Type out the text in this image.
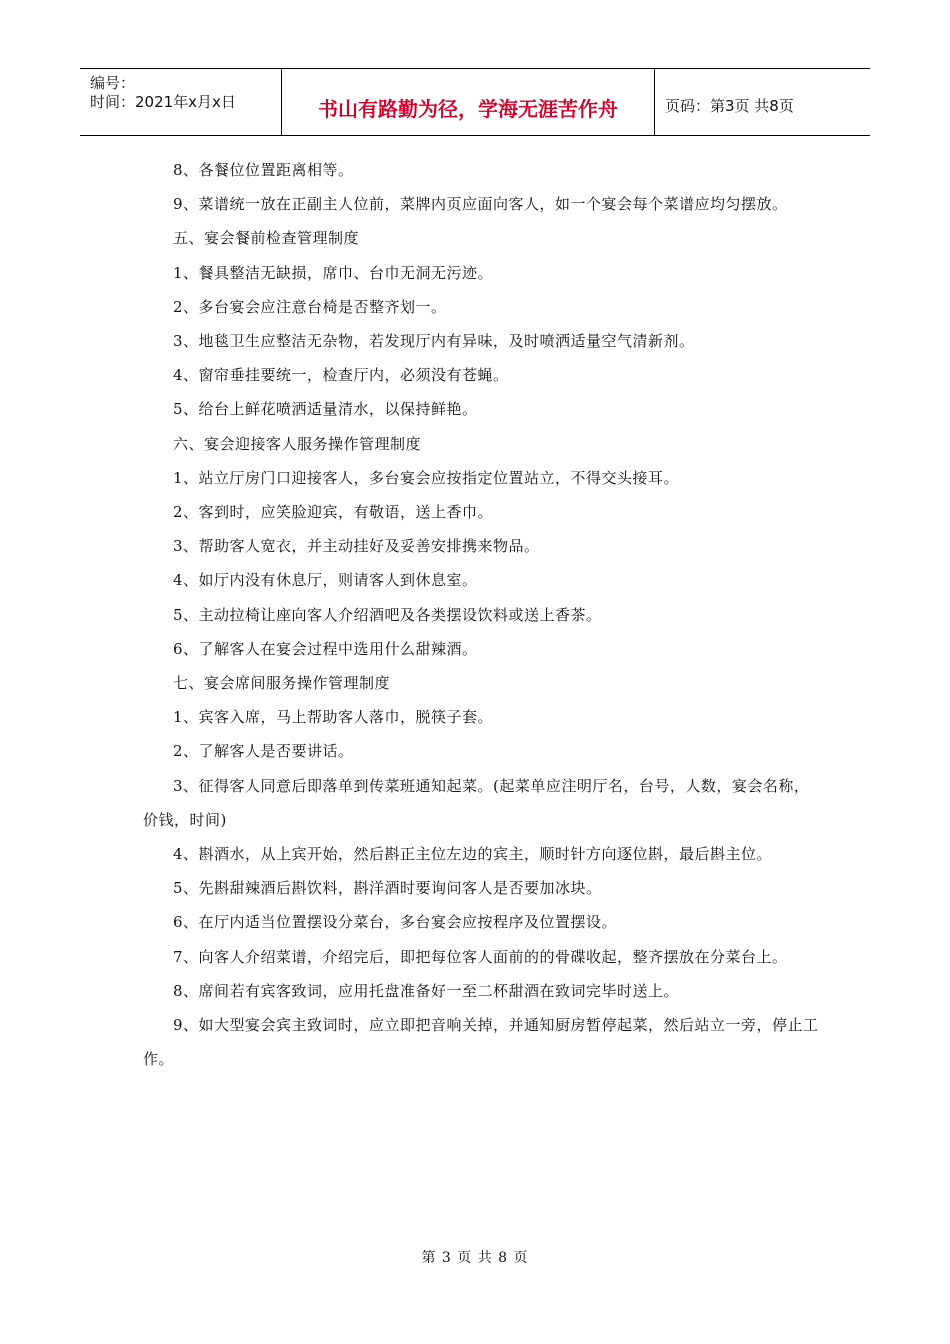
编号：
时间：2021年x月x日	书山有路勤为径，学海无涯苦作舟	页码：第3页 共8页

8、各餐位位置距离相等。

9、菜谱统一放在正副主人位前，菜牌内页应面向客人，如一个宴会每个菜谱应均匀摆放。

五、宴会餐前检查管理制度

1、餐具整洁无缺损，席巾、台巾无洞无污迹。

2、多台宴会应注意台椅是否整齐划一。

3、地毯卫生应整洁无杂物，若发现厅内有异味，及时喷洒适量空气清新剂。

4、窗帘垂挂要统一，检查厅内，必须没有苍蝇。

5、给台上鲜花喷洒适量清水，以保持鲜艳。

六、宴会迎接客人服务操作管理制度

1、站立厅房门口迎接客人，多台宴会应按指定位置站立，不得交头接耳。

2、客到时，应笑脸迎宾，有敬语，送上香巾。

3、帮助客人宽衣，并主动挂好及妥善安排携来物品。

4、如厅内没有休息厅，则请客人到休息室。

5、主动拉椅让座向客人介绍酒吧及各类摆设饮料或送上香茶。

6、了解客人在宴会过程中选用什么甜辣酒。

七、宴会席间服务操作管理制度

1、宾客入席，马上帮助客人落巾，脱筷子套。

2、了解客人是否要讲话。

3、征得客人同意后即落单到传菜班通知起菜。(起菜单应注明厅名，台号，人数，宴会名称，价钱，时间)

4、斟酒水，从上宾开始，然后斟正主位左边的宾主，顺时针方向逐位斟，最后斟主位。

5、先斟甜辣酒后斟饮料，斟洋酒时要询问客人是否要加冰块。

6、在厅内适当位置摆设分菜台，多台宴会应按程序及位置摆设。

7、向客人介绍菜谱，介绍完后，即把每位客人面前的的骨碟收起，整齐摆放在分菜台上。

8、席间若有宾客致词，应用托盘准备好一至二杯甜酒在致词完毕时送上。

9、如大型宴会宾主致词时，应立即把音响关掉，并通知厨房暂停起菜，然后站立一旁，停止工作。

第 3 页 共 8 页
